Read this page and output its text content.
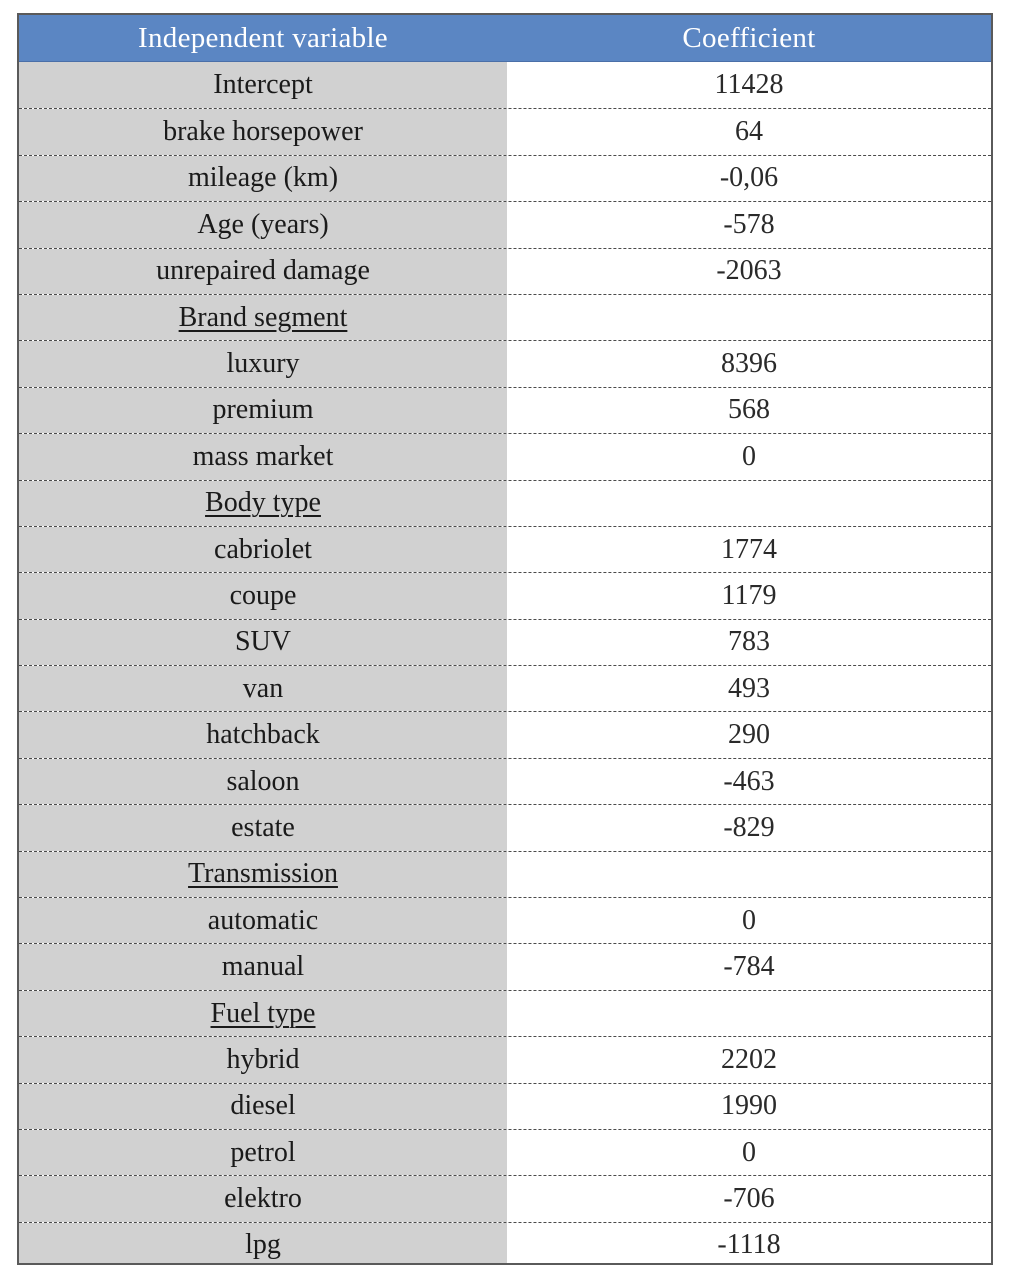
Independent variable	Coefficient
Intercept	11428
brake horsepower	64
mileage (km)	-0,06
Age (years)	-578
unrepaired damage	-2063
Brand segment
luxury	8396
premium	568
mass market	0
Body type
cabriolet	1774
coupe	1179
SUV	783
van	493
hatchback	290
saloon	-463
estate	-829
Transmission
automatic	0
manual	-784
Fuel type
hybrid	2202
diesel	1990
petrol	0
elektro	-706
lpg	-1118
